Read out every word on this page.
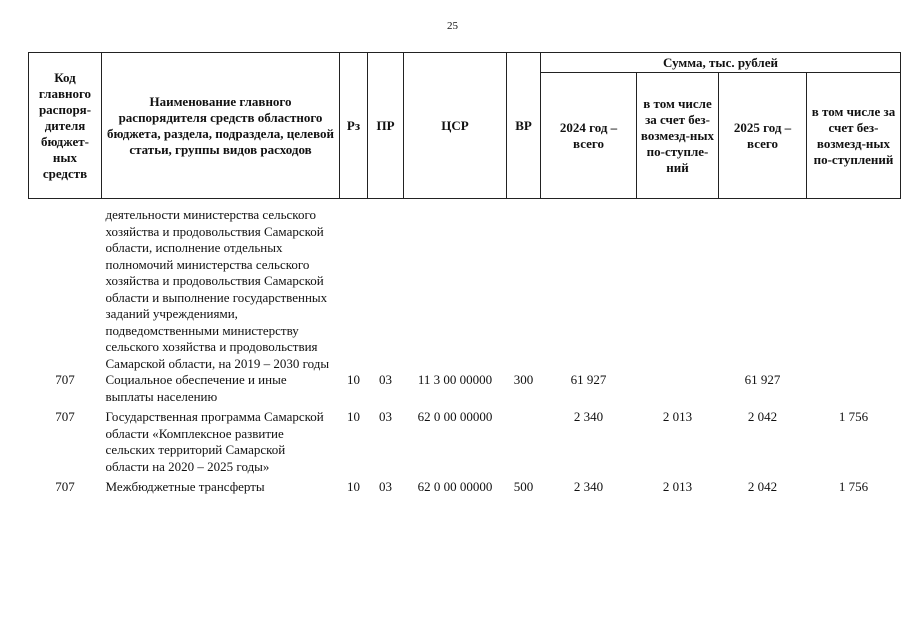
25
Код главного распоря-дителя бюджет-ных средств	Наименование главного распорядителя средств областного бюджета, раздела, подраздела, целевой статьи, группы видов расходов	Рз	ПР	ЦСР	ВР	Сумма, тыс. рублей			
						2024 год – всего	в том числе за счет без-возмезд-ных по-ступле-ний	2025 год – всего	в том числе за счет без-возмезд-ных по-ступлений

	деятельности министерства сельского хозяйства и продовольствия Самарской области, исполнение отдельных полномочий министерства сельского хозяйства и продовольствия Самарской области и выполнение государственных заданий учреждениями, подведомственными министерству сельского хозяйства и продовольствия Самарской области, на 2019 – 2030 годы								

707	Социальное обеспечение и иные выплаты населению	10	03	11 3 00 00000	300	61 927		61 927	
707	Государственная программа Самарской области «Комплексное развитие сельских территорий Самарской области на 2020 – 2025 годы»	10	03	62 0 00 00000		2 340	2 013	2 042	1 756
707	Межбюджетные трансферты	10	03	62 0 00 00000	500	2 340	2 013	2 042	1 756
